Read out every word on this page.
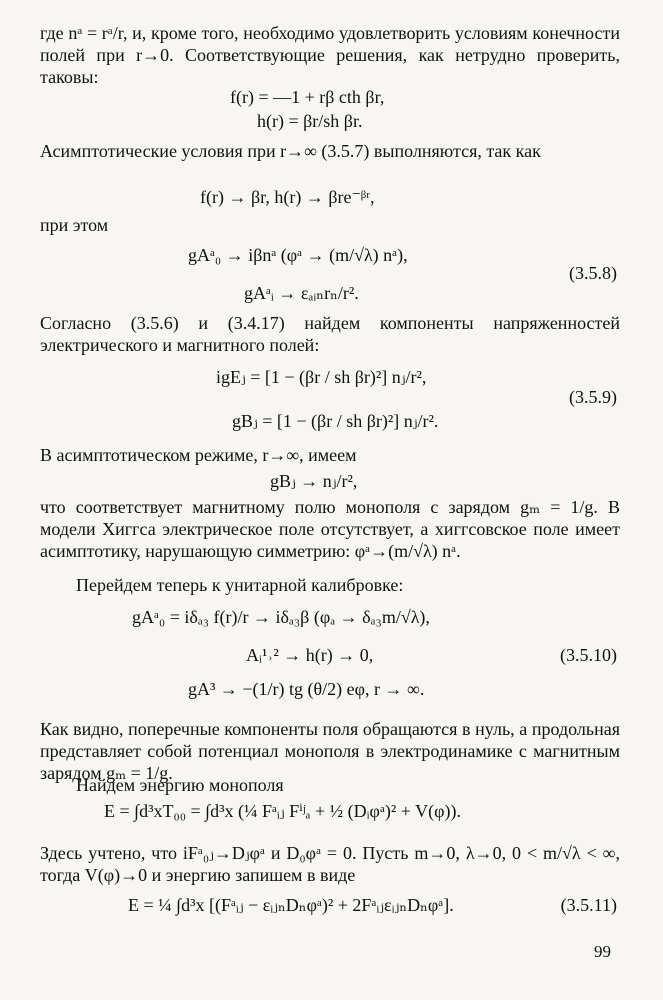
где nᵃ = rᵃ/r, и, кроме того, необходимо удовлетворить условиям конечности полей при r→0. Соответствующие решения, как нетрудно проверить, таковы:
f(r) = —1 + rβ cth βr,
h(r) = βr/sh βr.
Асимптотические условия при r→∞ (3.5.7) выполняются, так как
f(r) → βr, h(r) → βre⁻ᵝʳ,
при этом
gAᵃ₀ → iβnᵃ (φᵃ → (m/√λ) nᵃ),
(3.5.8)
gAᵃᵢ → εₐᵢₙrₙ/r².
Согласно (3.5.6) и (3.4.17) найдем компоненты напряженностей электрического и магнитного полей:
igEⱼ = [1 − (βr / sh βr)²] nⱼ/r²,
(3.5.9)
gBⱼ = [1 − (βr / sh βr)²] nⱼ/r².
В асимптотическом режиме, r→∞, имеем
gBⱼ → nⱼ/r²,
что соответствует магнитному полю монополя с зарядом gₘ = 1/g. В модели Хиггса электрическое поле отсутствует, а хиггсовское поле имеет асимптотику, нарушающую симметрию: φᵃ→(m/√λ) nᵃ.
Перейдем теперь к унитарной калибровке:
gAᵃ₀ = iδₐ₃ f(r)/r → iδₐ₃β (φₐ → δₐ₃m/√λ),
Aᵢ¹˒² → h(r) → 0,	(3.5.10)
gA³ → −(1/r) tg (θ/2) eφ, r → ∞.
Как видно, поперечные компоненты поля обращаются в нуль, а продольная представляет собой потенциал монополя в электродинамике с магнитным зарядом gₘ = 1/g.
Найдем энергию монополя
E = ∫d³xT₀₀ = ∫d³x (¼ Fᵃᵢⱼ Fⁱʲₐ + ½ (Dᵢφᵃ)² + V(φ)).
Здесь учтено, что iFᵃ₀ⱼ→Dⱼφᵃ и D₀φᵃ = 0. Пусть m→0, λ→0, 0 < m/√λ < ∞, тогда V(φ)→0 и энергию запишем в виде
E = ¼ ∫d³x [(Fᵃᵢⱼ − εᵢⱼₙDₙφᵃ)² + 2FᵃᵢⱼεᵢⱼₙDₙφᵃ].	(3.5.11)
99
